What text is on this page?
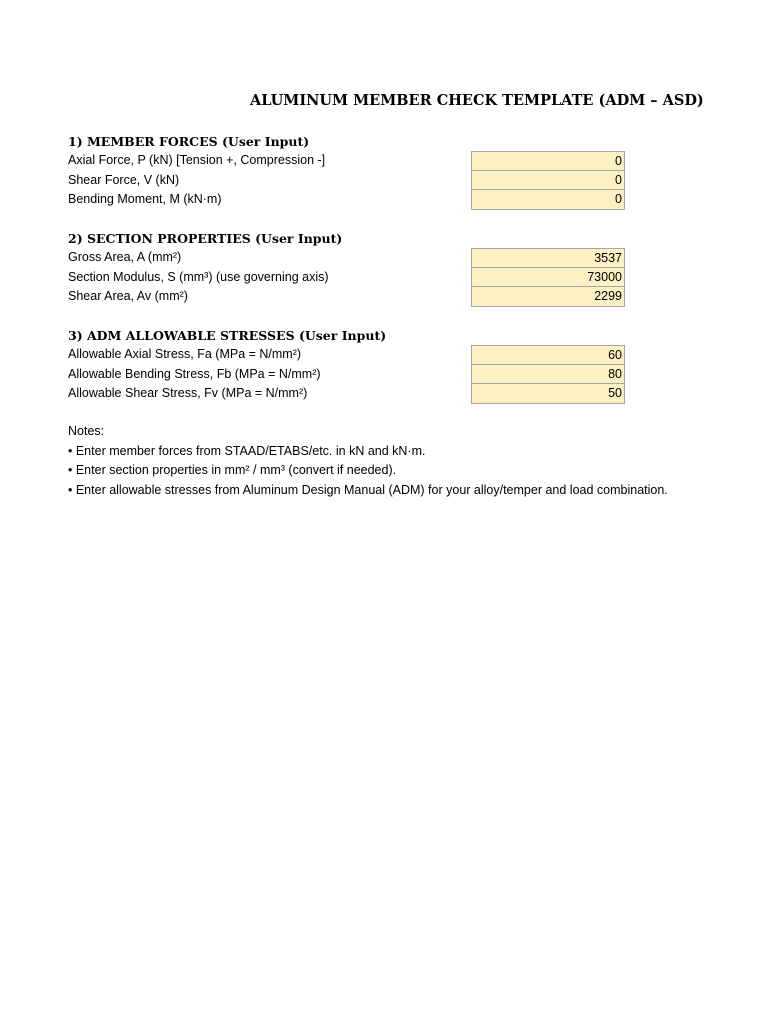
ALUMINUM MEMBER CHECK TEMPLATE (ADM – ASD)
1) MEMBER FORCES (User Input)
Axial Force, P (kN) [Tension +, Compression -]	0
Shear Force, V (kN)	0
Bending Moment, M (kN·m)	0
2) SECTION PROPERTIES (User Input)
Gross Area, A (mm²)	3537
Section Modulus, S (mm³) (use governing axis)	73000
Shear Area, Av (mm²)	2299
3) ADM ALLOWABLE STRESSES (User Input)
Allowable Axial Stress, Fa (MPa = N/mm²)	60
Allowable Bending Stress, Fb (MPa = N/mm²)	80
Allowable Shear Stress, Fv (MPa = N/mm²)	50
Notes:
• Enter member forces from STAAD/ETABS/etc. in kN and kN·m.
• Enter section properties in mm² / mm³ (convert if needed).
• Enter allowable stresses from Aluminum Design Manual (ADM) for your alloy/temper and load combination.
